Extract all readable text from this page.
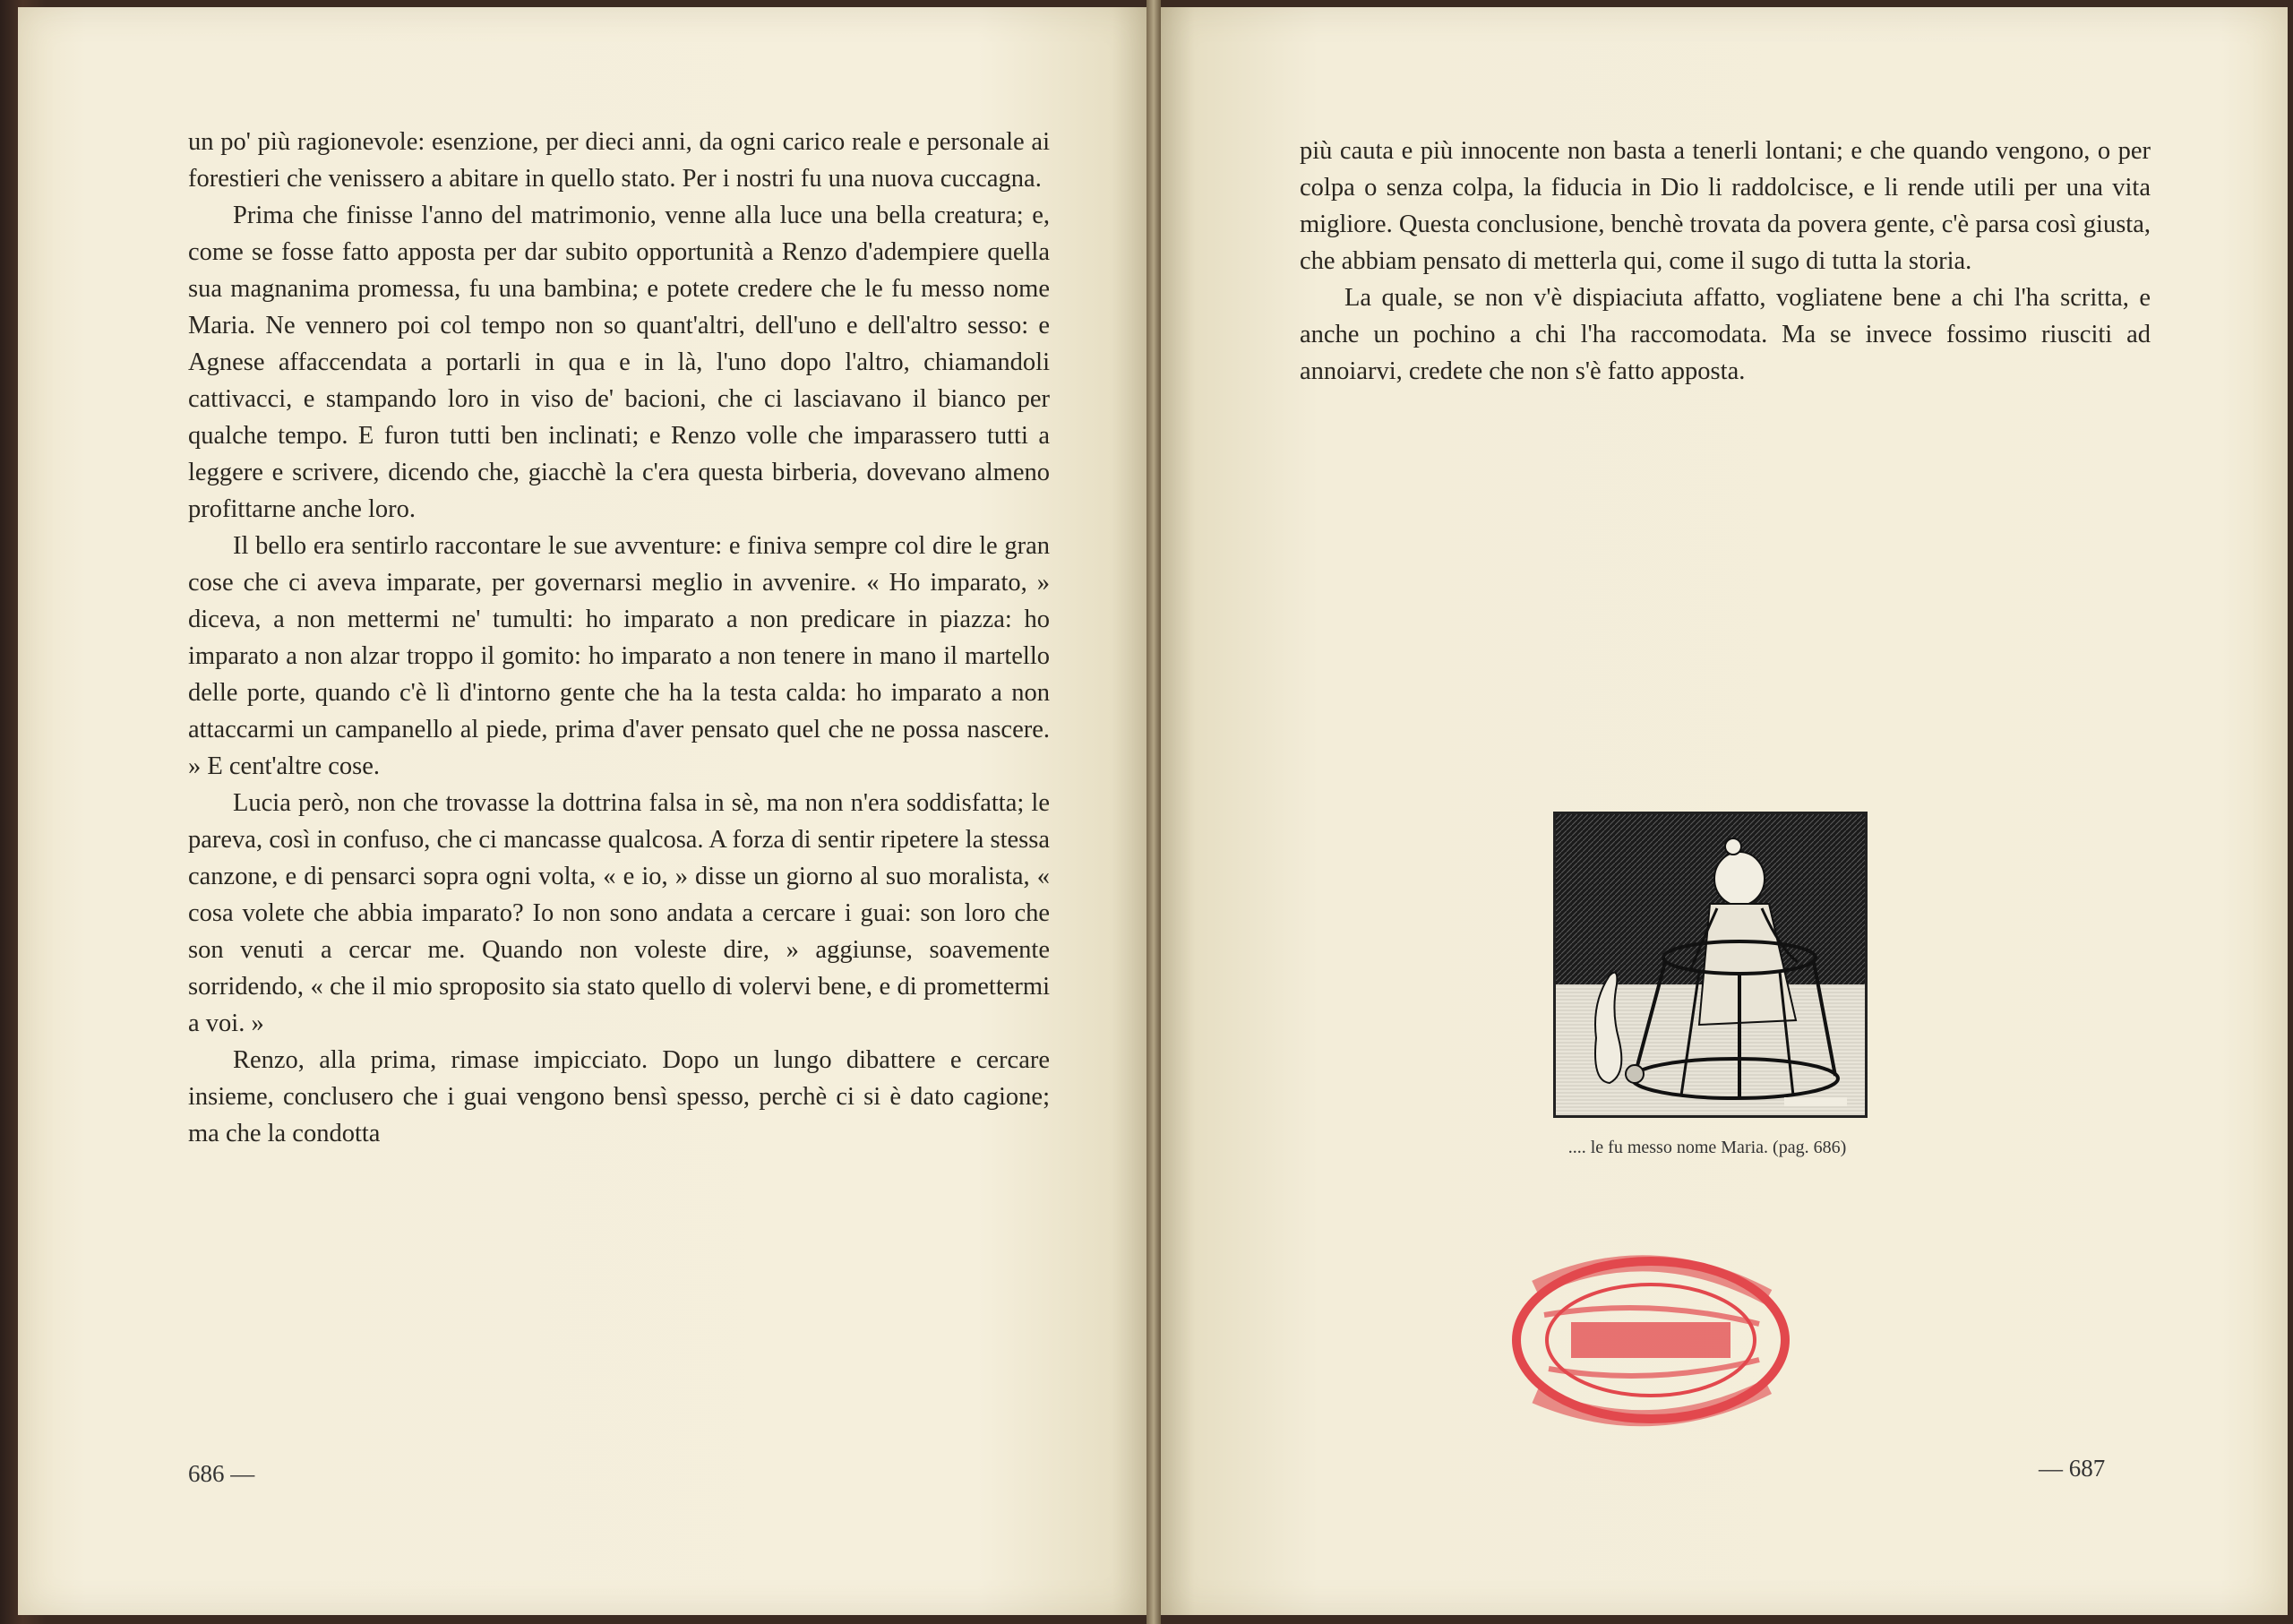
un po' più ragionevole: esenzione, per dieci anni, da ogni carico reale e personale ai forestieri che venissero a abitare in quello stato. Per i nostri fu una nuova cuccagna.

Prima che finisse l'anno del matrimonio, venne alla luce una bella creatura; e, come se fosse fatto apposta per dar subito opportunità a Renzo d'adempiere quella sua magnanima promessa, fu una bambina; e potete credere che le fu messo nome Maria. Ne vennero poi col tempo non so quant'altri, dell'uno e dell'altro sesso: e Agnese affaccendata a portarli in qua e in là, l'uno dopo l'altro, chiamandoli cattivacci, e stampando loro in viso de' bacioni, che ci lasciavano il bianco per qualche tempo. E furon tutti ben inclinati; e Renzo volle che imparassero tutti a leggere e scrivere, dicendo che, giacchè la c'era questa birberia, dovevano almeno profittarne anche loro.

Il bello era sentirlo raccontare le sue avventure: e finiva sempre col dire le gran cose che ci aveva imparate, per governarsi meglio in avvenire. « Ho imparato, » diceva, a non mettermi ne' tumulti: ho imparato a non predicare in piazza: ho imparato a non alzar troppo il gomito: ho imparato a non tenere in mano il martello delle porte, quando c'è lì d'intorno gente che ha la testa calda: ho imparato a non attaccarmi un campanello al piede, prima d'aver pensato quel che ne possa nascere. » E cent'altre cose.

Lucia però, non che trovasse la dottrina falsa in sè, ma non n'era soddisfatta; le pareva, così in confuso, che ci mancasse qualcosa. A forza di sentir ripetere la stessa canzone, e di pensarci sopra ogni volta, « e io, » disse un giorno al suo moralista, « cosa volete che abbia imparato? Io non sono andata a cercare i guai: son loro che son venuti a cercar me. Quando non voleste dire, » aggiunse, soavemente sorridendo, « che il mio sproposito sia stato quello di volervi bene, e di promettermi a voi. »

Renzo, alla prima, rimase impicciato. Dopo un lungo dibattere e cercare insieme, conclusero che i guai vengono bensì spesso, perchè ci si è dato cagione; ma che la condotta

686 —

più cauta e più innocente non basta a tenerli lontani; e che quando vengono, o per colpa o senza colpa, la fiducia in Dio li raddolcisce, e li rende utili per una vita migliore. Questa conclusione, benchè trovata da povera gente, c'è parsa così giusta, che abbiam pensato di metterla qui, come il sugo di tutta la storia.

La quale, se non v'è dispiaciuta affatto, vogliatene bene a chi l'ha scritta, e anche un pochino a chi l'ha raccomodata. Ma se invece fossimo riusciti ad annoiarvi, credete che non s'è fatto apposta.

.... le fu messo nome Maria. (pag. 686)
— 687
